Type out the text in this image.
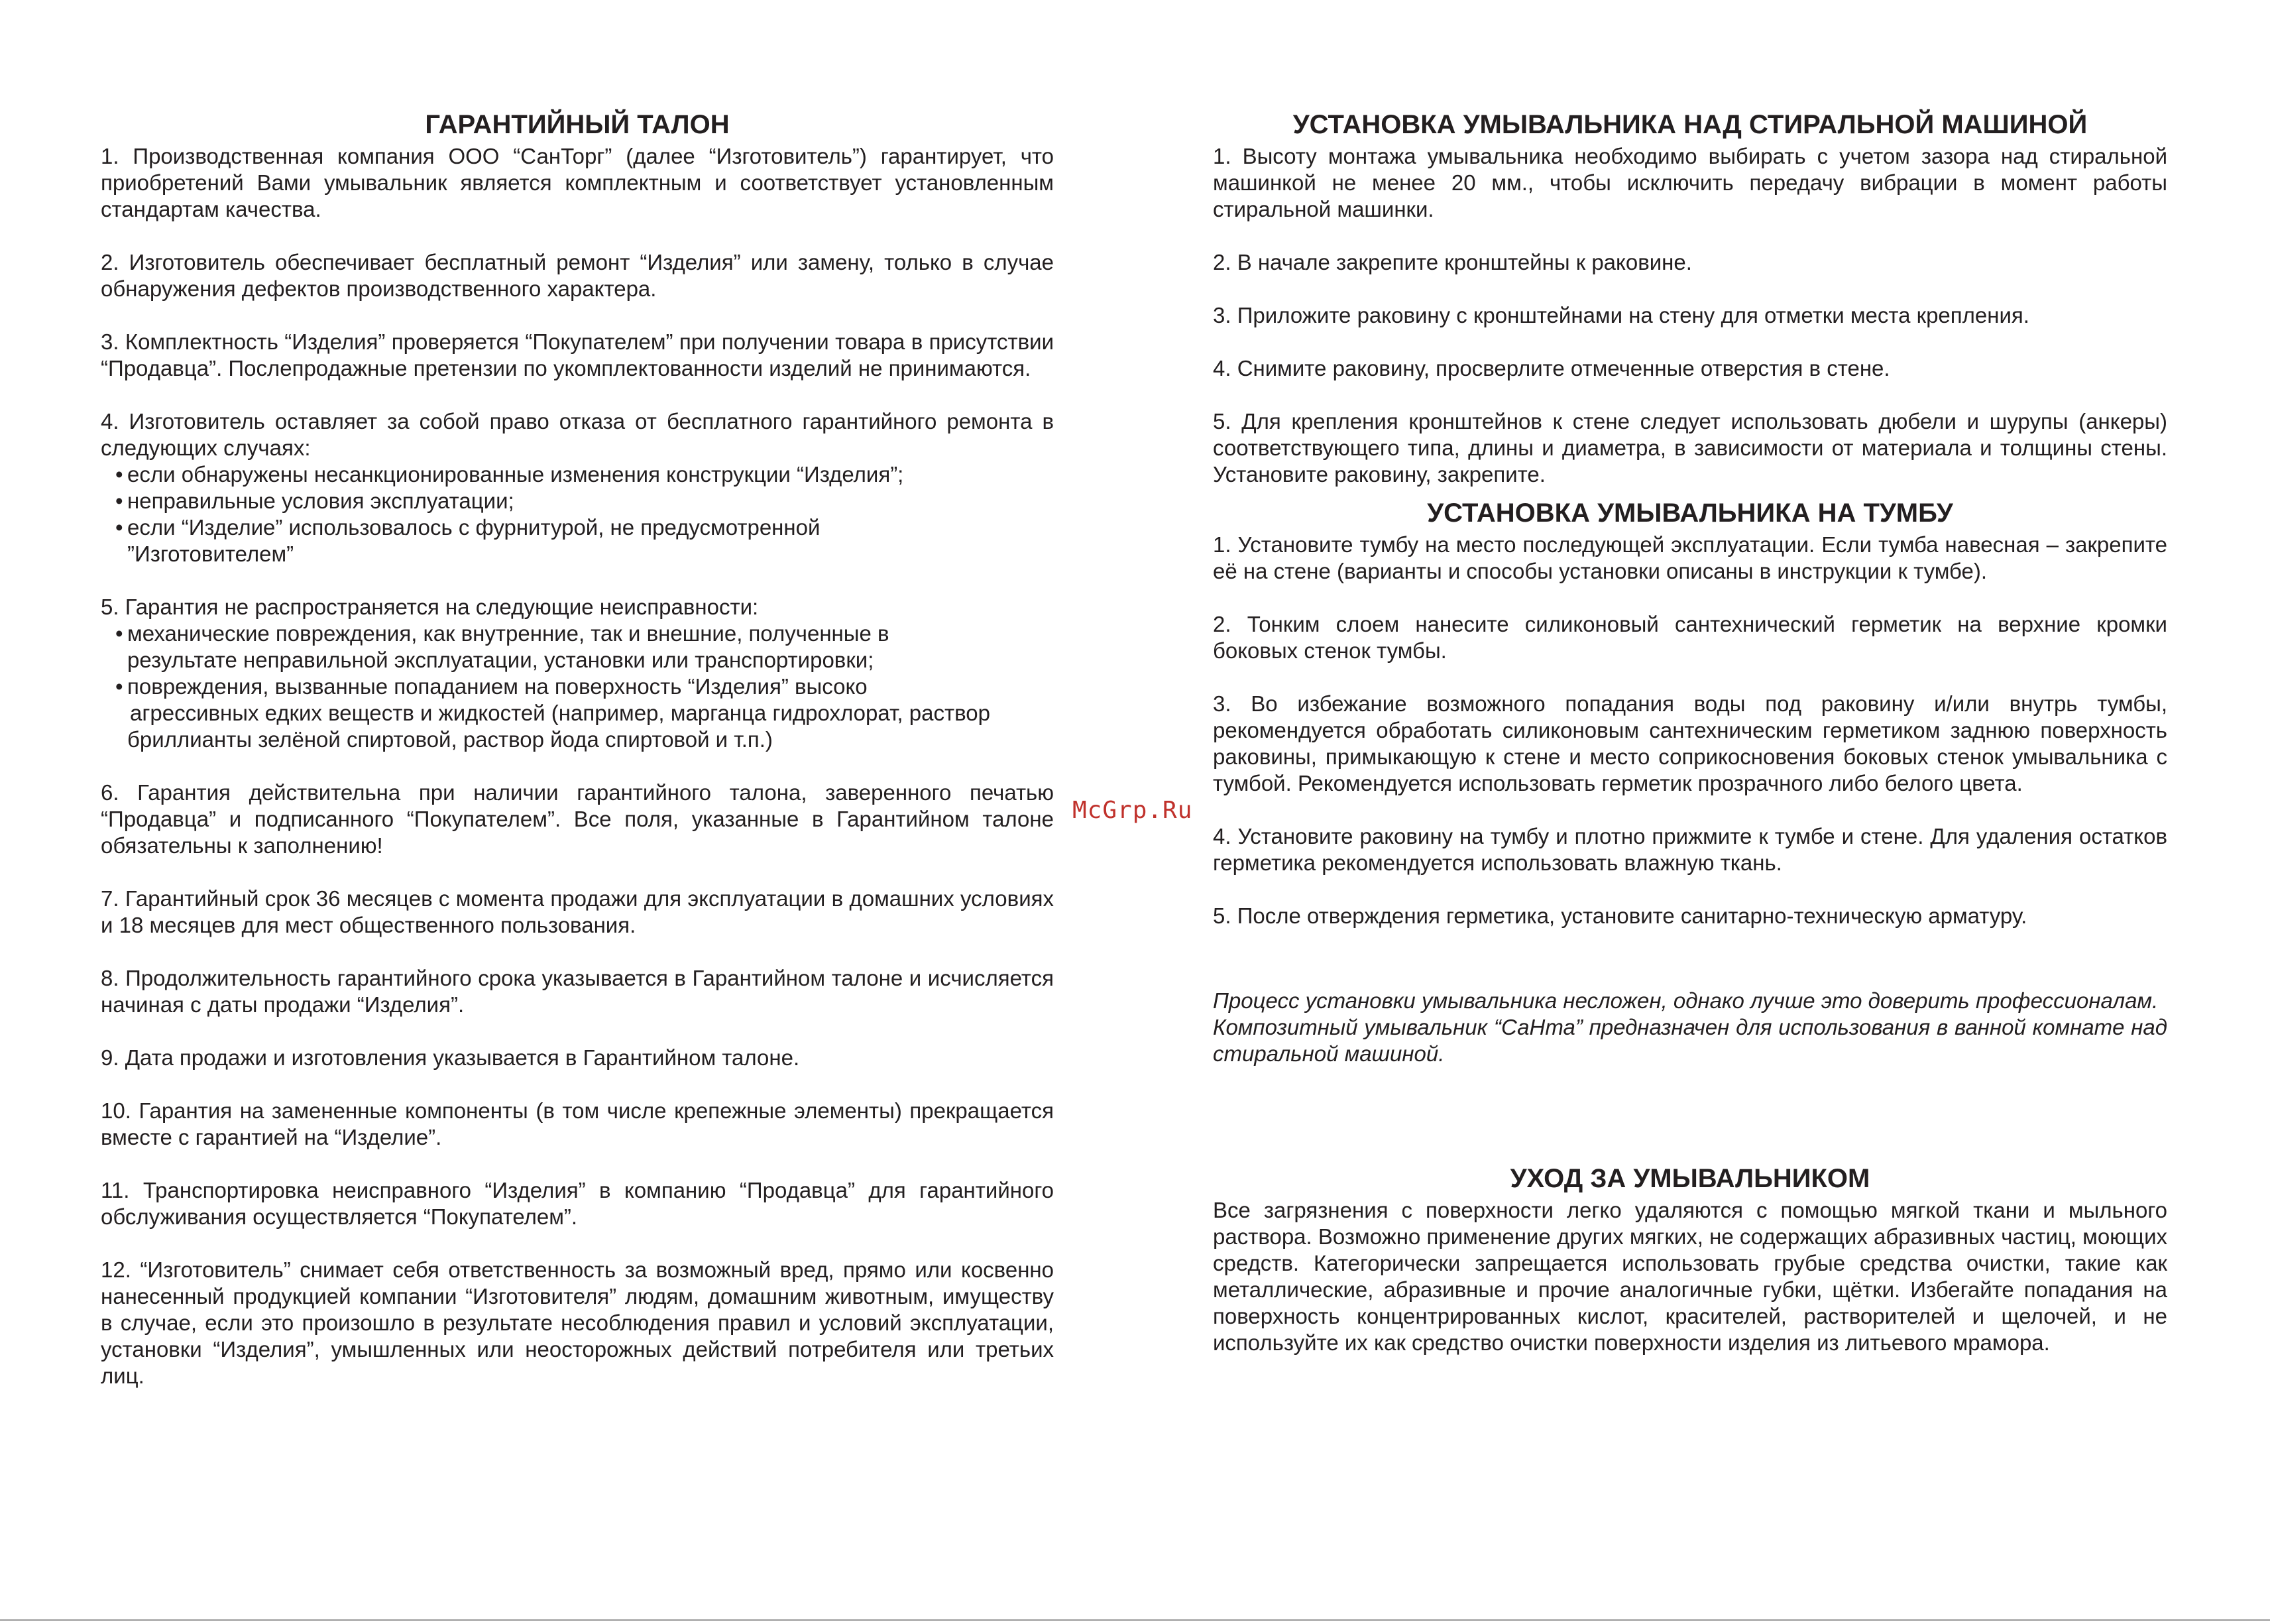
ГАРАНТИЙНЫЙ ТАЛОН

1. Производственная компания ООО “СанТорг” (далее “Изготовитель”) гарантирует, что приобретений Вами умывальник является комплектным и соответствует установленным стандартам качества.

2. Изготовитель обеспечивает бесплатный ремонт “Изделия” или замену, только в случае обнаружения дефектов производственного характера.

3. Комплектность “Изделия” проверяется “Покупателем” при получении товара в присутствии “Продавца”. Послепродажные претензии по укомплектованности изделий не принимаются.

4. Изготовитель оставляет за собой право отказа от бесплатного гарантийного ремонта в следующих случаях:

• если обнаружены несанкционированные изменения конструкции “Изделия”;
• неправильные условия эксплуатации;
• если “Изделие” использовалось с фурнитурой, не предусмотренной
”Изготовителем”

5. Гарантия не распространяется на следующие неисправности:

• механические повреждения, как внутренние, так и внешние, полученные в
результате неправильной эксплуатации, установки или транспортировки;
• повреждения, вызванные попаданием на поверхность “Изделия” высоко
агрессивных едких веществ и жидкостей (например, марганца гидрохлорат, раствор
бриллианты зелёной спиртовой, раствор йода спиртовой и т.п.)

6. Гарантия действительна при наличии гарантийного талона, заверенного печатью “Продавца” и подписанного “Покупателем”. Все поля, указанные в Гарантийном талоне обязательны к заполнению!

7. Гарантийный срок 36 месяцев с момента продажи для эксплуатации в домашних условиях и 18 месяцев для мест общественного пользования.

8. Продолжительность гарантийного срока указывается в Гарантийном талоне и исчисляется начиная с даты продажи “Изделия”.

9. Дата продажи и изготовления указывается в Гарантийном талоне.

10. Гарантия на замененные компоненты (в том числе крепежные элементы) прекращается вместе с гарантией на “Изделие”.

11. Транспортировка неисправного “Изделия” в компанию “Продавца” для гарантийного обслуживания осуществляется “Покупателем”.

12. “Изготовитель” снимает себя ответственность за возможный вред, прямо или косвенно нанесенный продукцией компании “Изготовителя” людям, домашним животным, имуществу в случае, если это произошло в результате несоблюдения правил и условий эксплуатации, установки “Изделия”, умышленных или неосторожных действий потребителя или третьих лиц.

McGrp.Ru
УСТАНОВКА УМЫВАЛЬНИКА НАД СТИРАЛЬНОЙ МАШИНОЙ

1. Высоту монтажа умывальника необходимо выбирать с учетом зазора над стиральной машинкой не менее 20 мм., чтобы исключить передачу вибрации в момент работы стиральной машинки.

2. В начале закрепите кронштейны к раковине.

3. Приложите раковину с кронштейнами на стену для отметки места крепления.

4. Снимите раковину, просверлите отмеченные отверстия в стене.

5. Для крепления кронштейнов к стене следует использовать дюбели и шурупы (анкеры) соответствующего типа, длины и диаметра, в зависимости от материала и толщины стены. Установите раковину, закрепите.

УСТАНОВКА УМЫВАЛЬНИКА НА ТУМБУ

1. Установите тумбу на место последующей эксплуатации. Если тумба навесная – закрепите её на стене (варианты и способы установки описаны в инструкции к тумбе).

2. Тонким слоем нанесите силиконовый сантехнический герметик на верхние кромки боковых стенок тумбы.

3. Во избежание возможного попадания воды под раковину и/или внутрь тумбы, рекомендуется обработать силиконовым сантехническим герметиком заднюю поверхность раковины, примыкающую к стене и место соприкосновения боковых стенок умывальника с тумбой. Рекомендуется использовать герметик прозрачного либо белого цвета.

4. Установите раковину на тумбу и плотно прижмите к тумбе и стене. Для удаления остатков герметика рекомендуется использовать влажную ткань.

5. После отверждения герметика, установите санитарно-техническую арматуру.

Процесс установки умывальника несложен, однако лучше это доверить профессионалам.

Композитный умывальник “СаНта” предназначен для использования в ванной комнате над стиральной машиной.

УХОД ЗА УМЫВАЛЬНИКОМ

Все загрязнения с поверхности легко удаляются с помощью мягкой ткани и мыльного раствора. Возможно применение других мягких, не содержащих абразивных частиц, моющих средств. Категорически запрещается использовать грубые средства очистки, такие как металлические, абразивные и прочие аналогичные губки, щётки. Избегайте попадания на поверхность концентрированных кислот, красителей, растворителей и щелочей, и не используйте их как средство очистки поверхности изделия из литьевого мрамора.
